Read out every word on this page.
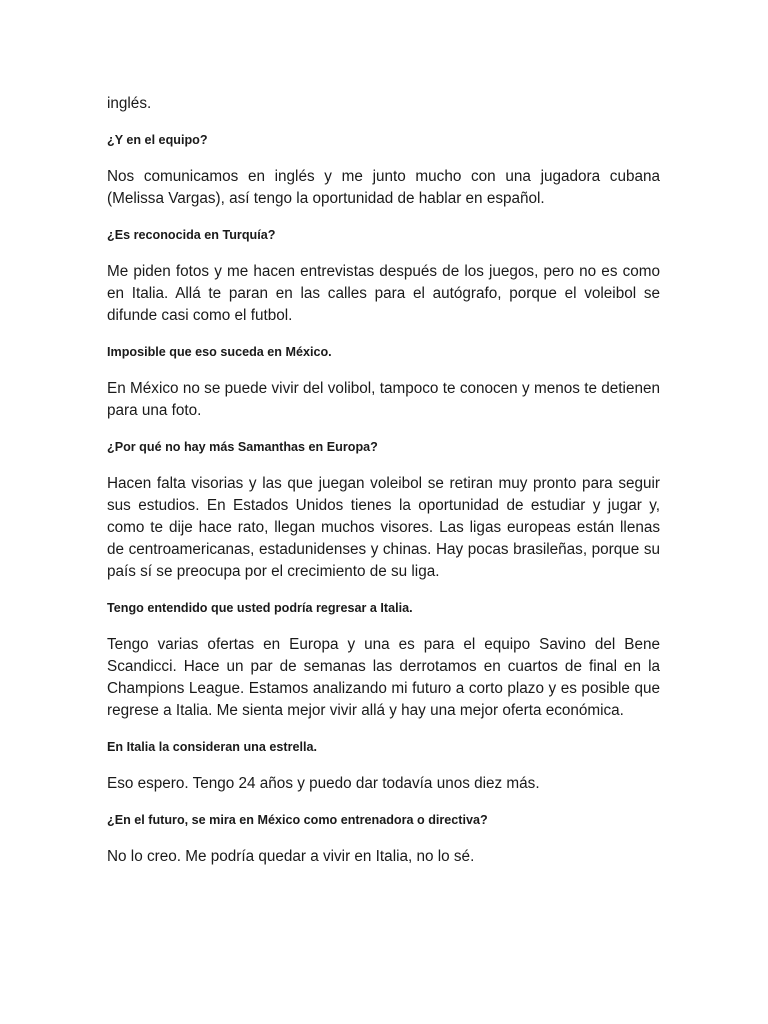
inglés.

¿Y en el equipo?

Nos comunicamos en inglés y me junto mucho con una jugadora cubana (Melissa Vargas), así tengo la oportunidad de hablar en español.

¿Es reconocida en Turquía?

Me piden fotos y me hacen entrevistas después de los juegos, pero no es como en Italia. Allá te paran en las calles para el autógrafo, porque el voleibol se difunde casi como el futbol.

Imposible que eso suceda en México.

En México no se puede vivir del volibol, tampoco te conocen y menos te detienen para una foto.

¿Por qué no hay más Samanthas en Europa?

Hacen falta visorias y las que juegan voleibol se retiran muy pronto para seguir sus estudios. En Estados Unidos tienes la oportunidad de estudiar y jugar y, como te dije hace rato, llegan muchos visores. Las ligas europeas están llenas de centroamericanas, estadunidenses y chinas. Hay pocas brasileñas, porque su país sí se preocupa por el crecimiento de su liga.

Tengo entendido que usted podría regresar a Italia.

Tengo varias ofertas en Europa y una es para el equipo Savino del Bene Scandicci. Hace un par de semanas las derrotamos en cuartos de final en la Champions League. Estamos analizando mi futuro a corto plazo y es posible que regrese a Italia. Me sienta mejor vivir allá y hay una mejor oferta económica.

En Italia la consideran una estrella.

Eso espero. Tengo 24 años y puedo dar todavía unos diez más.

¿En el futuro, se mira en México como entrenadora o directiva?

No lo creo. Me podría quedar a vivir en Italia, no lo sé.
